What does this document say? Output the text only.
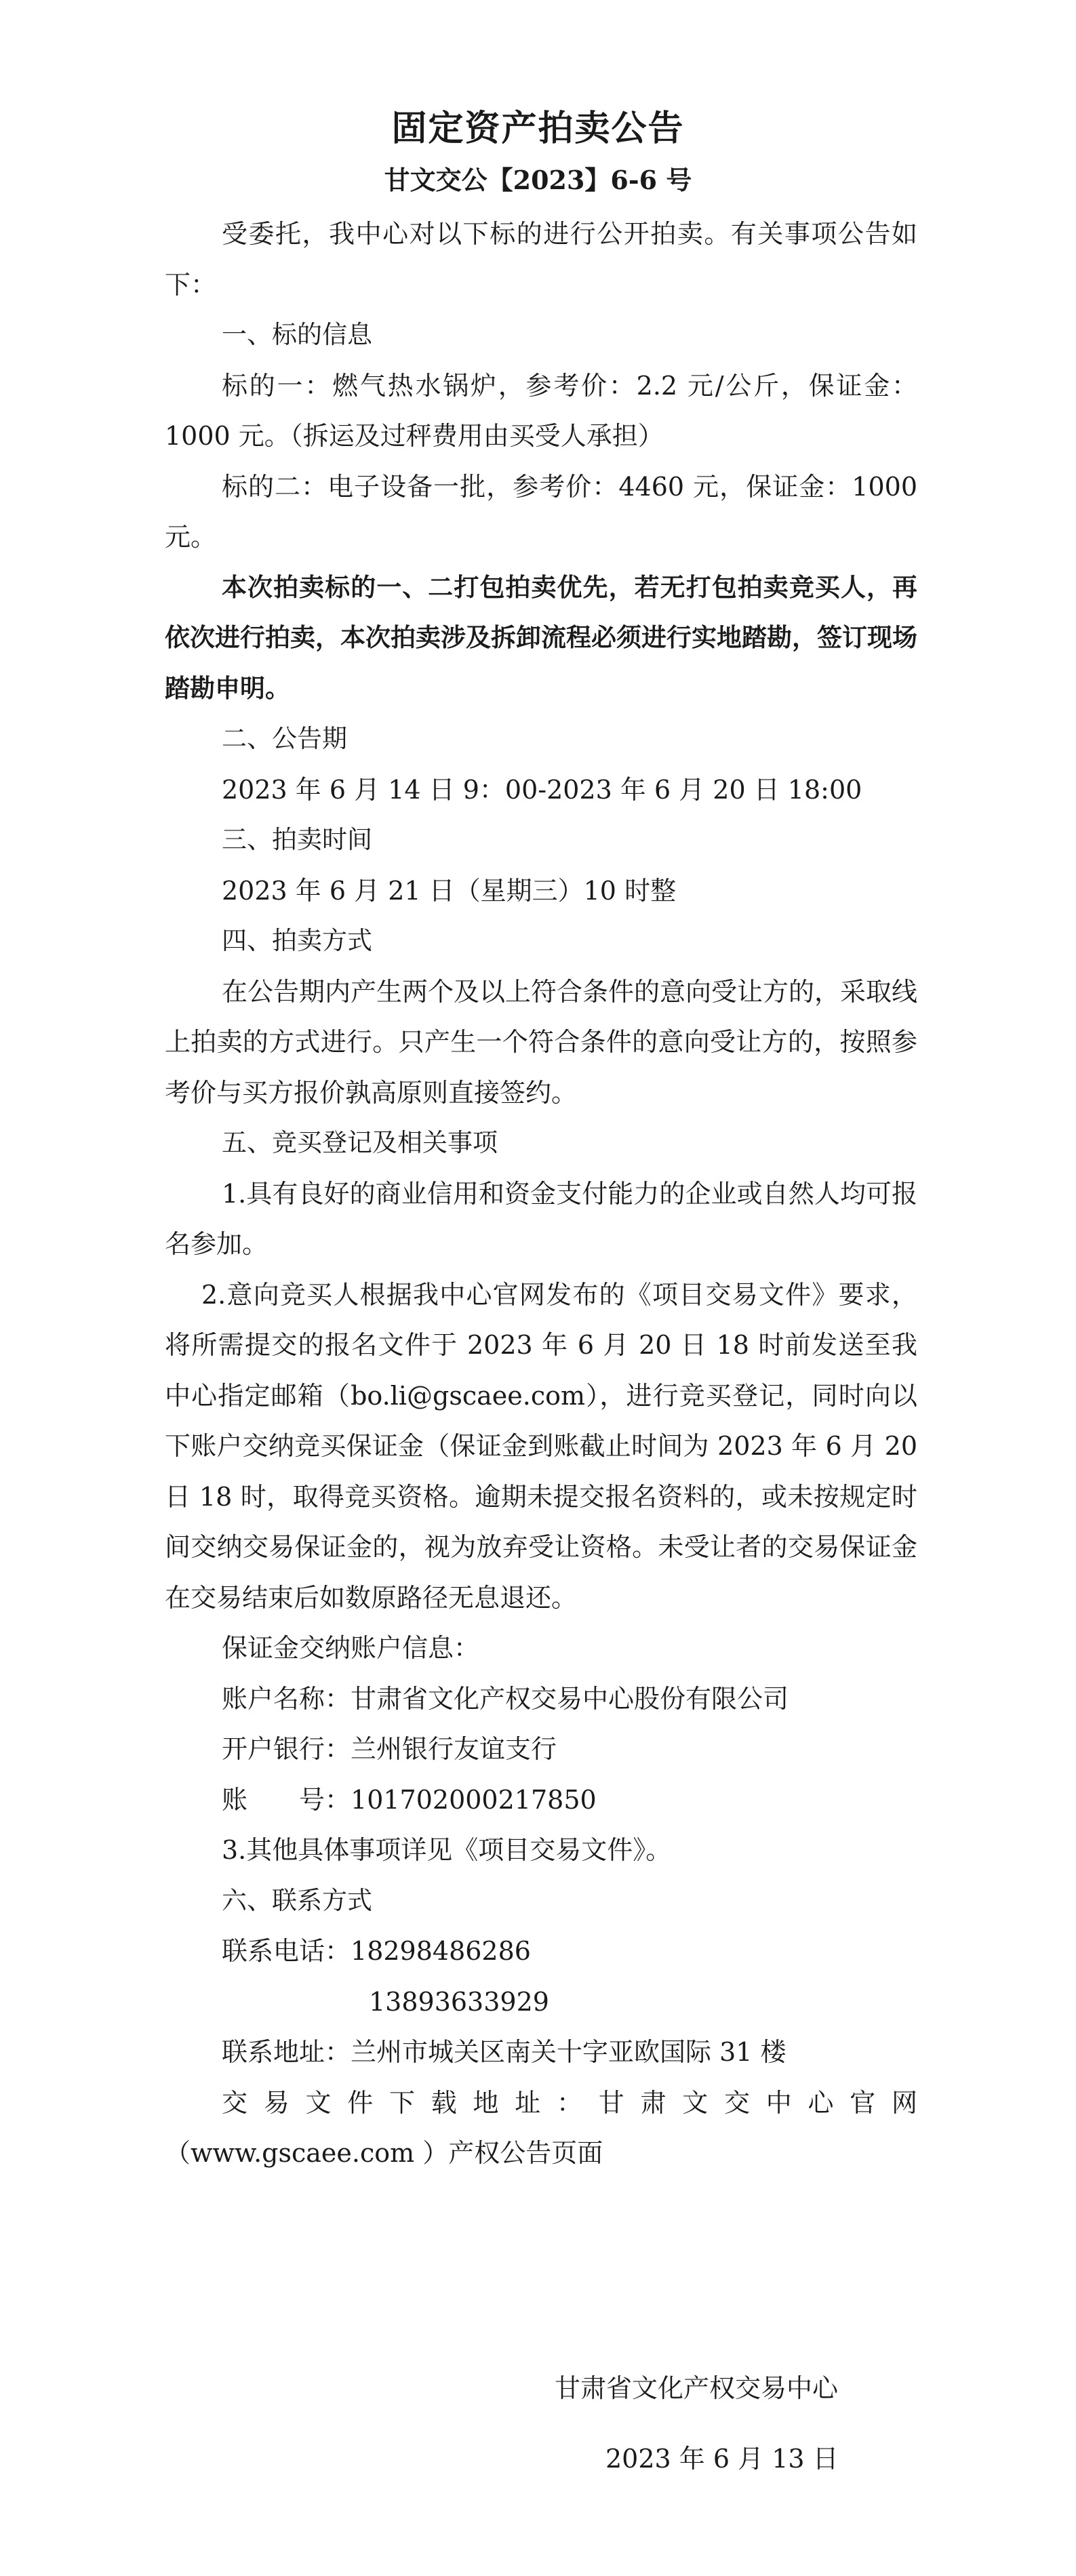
固定资产拍卖公告
甘文交公【2023】6-6 号

受委托，我中心对以下标的进行公开拍卖。有关事项公告如下：

一、标的信息

标的一：燃气热水锅炉，参考价：2.2 元/公斤，保证金：1000 元。（拆运及过秤费用由买受人承担）

标的二：电子设备一批，参考价：4460 元，保证金：1000 元。

本次拍卖标的一、二打包拍卖优先，若无打包拍卖竞买人，再依次进行拍卖，本次拍卖涉及拆卸流程必须进行实地踏勘，签订现场踏勘申明。

二、公告期

2023 年 6 月 14 日 9：00-2023 年 6 月 20 日 18:00

三、拍卖时间

2023 年 6 月 21 日（星期三）10 时整

四、拍卖方式

在公告期内产生两个及以上符合条件的意向受让方的，采取线上拍卖的方式进行。只产生一个符合条件的意向受让方的，按照参考价与买方报价孰高原则直接签约。

五、竞买登记及相关事项

1.具有良好的商业信用和资金支付能力的企业或自然人均可报名参加。

2.意向竞买人根据我中心官网发布的《项目交易文件》要求，将所需提交的报名文件于 2023 年 6 月 20 日 18 时前发送至我中心指定邮箱（bo.li@gscaee.com），进行竞买登记，同时向以下账户交纳竞买保证金（保证金到账截止时间为 2023 年 6 月 20 日 18 时，取得竞买资格。逾期未提交报名资料的，或未按规定时间交纳交易保证金的，视为放弃受让资格。未受让者的交易保证金在交易结束后如数原路径无息退还。

保证金交纳账户信息：

账户名称：甘肃省文化产权交易中心股份有限公司

开户银行：兰州银行友谊支行

账　　号：101702000217850

3.其他具体事项详见《项目交易文件》。

六、联系方式

联系电话：18298486286

13893633929

联系地址：兰州市城关区南关十字亚欧国际 31 楼

交易文件下载地址：甘肃文交中心官网

（www.gscaee.com ）产权公告页面

甘肃省文化产权交易中心
2023 年 6 月 13 日
